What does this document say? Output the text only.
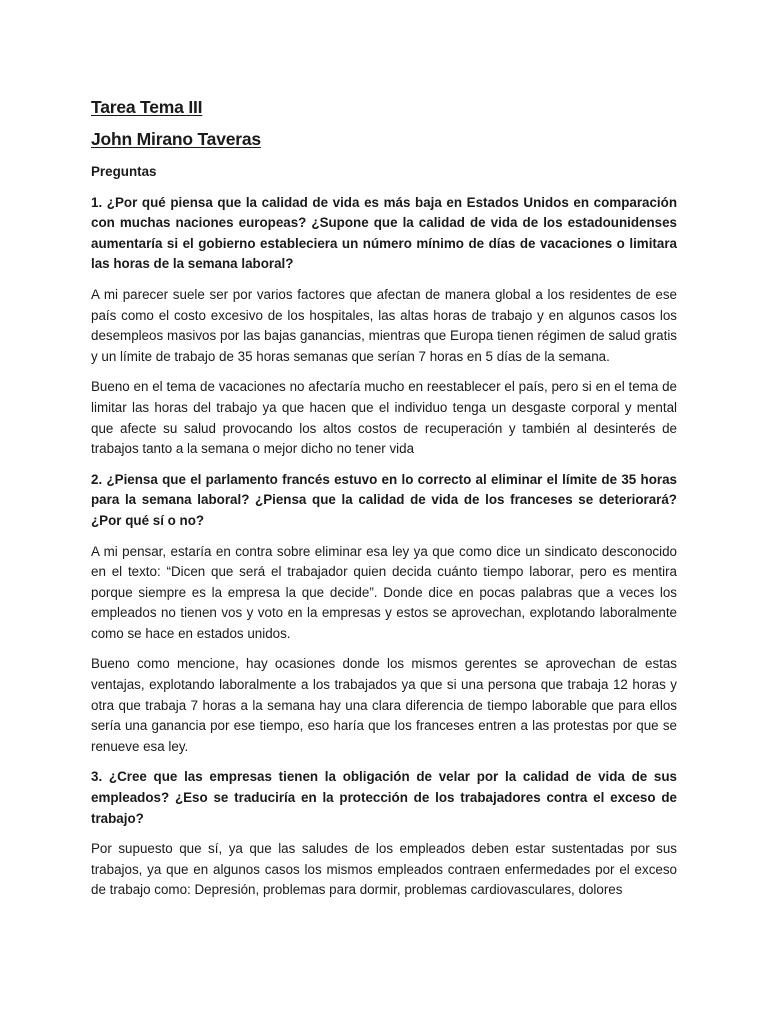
Tarea Tema III
John Mirano Taveras
Preguntas

1. ¿Por qué piensa que la calidad de vida es más baja en Estados Unidos en comparación con muchas naciones europeas? ¿Supone que la calidad de vida de los estadounidenses aumentaría si el gobierno estableciera un número mínimo de días de vacaciones o limitara las horas de la semana laboral?

A mi parecer suele ser por varios factores que afectan de manera global a los residentes de ese país como el costo excesivo de los hospitales, las altas horas de trabajo y en algunos casos los desempleos masivos por las bajas ganancias, mientras que Europa tienen régimen de salud gratis y un límite de trabajo de 35 horas semanas que serían 7 horas en 5 días de la semana.

Bueno en el tema de vacaciones no afectaría mucho en reestablecer el país, pero si en el tema de limitar las horas del trabajo ya que hacen que el individuo tenga un desgaste corporal y mental que afecte su salud provocando los altos costos de recuperación y también al desinterés de trabajos tanto a la semana o mejor dicho no tener vida

2. ¿Piensa que el parlamento francés estuvo en lo correcto al eliminar el límite de 35 horas para la semana laboral? ¿Piensa que la calidad de vida de los franceses se deteriorará? ¿Por qué sí o no?

A mi pensar, estaría en contra sobre eliminar esa ley ya que como dice un sindicato desconocido en el texto: “Dicen que será el trabajador quien decida cuánto tiempo laborar, pero es mentira porque siempre es la empresa la que decide”. Donde dice en pocas palabras que a veces los empleados no tienen vos y voto en la empresas y estos se aprovechan, explotando laboralmente como se hace en estados unidos.

Bueno como mencione, hay ocasiones donde los mismos gerentes se aprovechan de estas ventajas, explotando laboralmente a los trabajados ya que si una persona que trabaja 12 horas y otra que trabaja 7 horas a la semana hay una clara diferencia de tiempo laborable que para ellos sería una ganancia por ese tiempo, eso haría que los franceses entren a las protestas por que se renueve esa ley.

3. ¿Cree que las empresas tienen la obligación de velar por la calidad de vida de sus empleados? ¿Eso se traduciría en la protección de los trabajadores contra el exceso de trabajo?

Por supuesto que sí, ya que las saludes de los empleados deben estar sustentadas por sus trabajos, ya que en algunos casos los mismos empleados contraen enfermedades por el exceso de trabajo como: Depresión, problemas para dormir, problemas cardiovasculares, dolores
